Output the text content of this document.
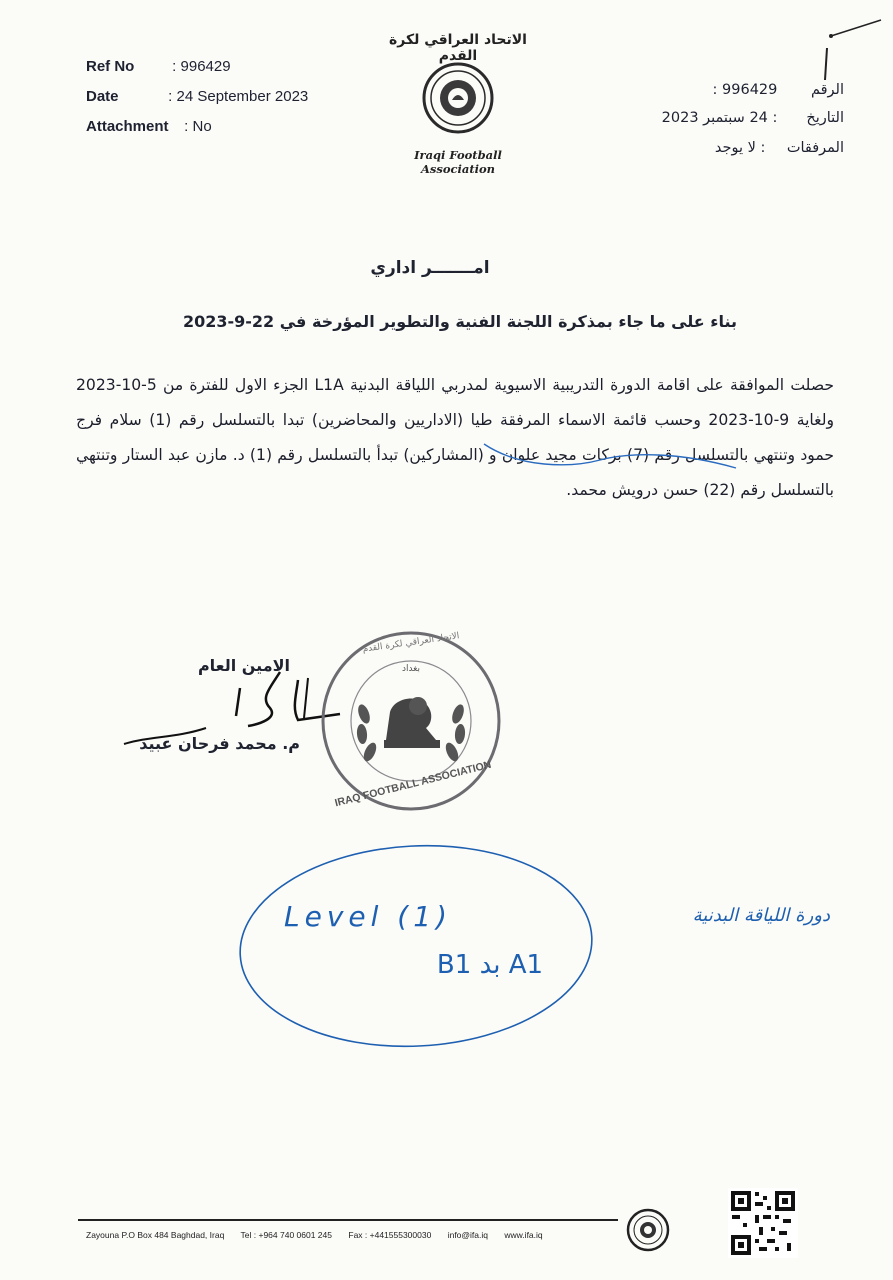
Ref No	: 996429
Date	: 24 September 2023
Attachment : No
الاتحاد العراقي لكرة القدم
Iraqi Football Association
الرقم 996429 :
التاريخ : 24 سبتمبر 2023
المرفقات : لا يوجد
امـــــــر اداري
بناء على ما جاء بمذكرة اللجنة الفنية والتطوير المؤرخة في 22-9-2023
حصلت الموافقة على اقامة الدورة التدريبية الاسيوية لمدربي اللياقة البدنية L1A الجزء الاول للفترة من 5-10-2023 ولغاية 9-10-2023 وحسب قائمة الاسماء المرفقة طيا (الاداريين والمحاضرين) تبدا بالتسلسل رقم (1) سلام فرج حمود وتنتهي بالتسلسل رقم (7) بركات مجيد علوان و (المشاركين) تبدأ بالتسلسل رقم (1) د. مازن عبد الستار وتنتهي بالتسلسل رقم (22) حسن درويش محمد.
الامين العام
م. محمد فرحان عبيد
بغداد
الاتحاد العراقي لكرة القدم
IRAQ FOOTBALL ASSOCIATION
Level (1)
A1 بد B1
دورة اللياقة البدنية
Zayouna P.O Box 484 Baghdad, Iraq Tel : +964 740 0601 245 Fax : +441555300030 info@ifa.iq www.ifa.iq
